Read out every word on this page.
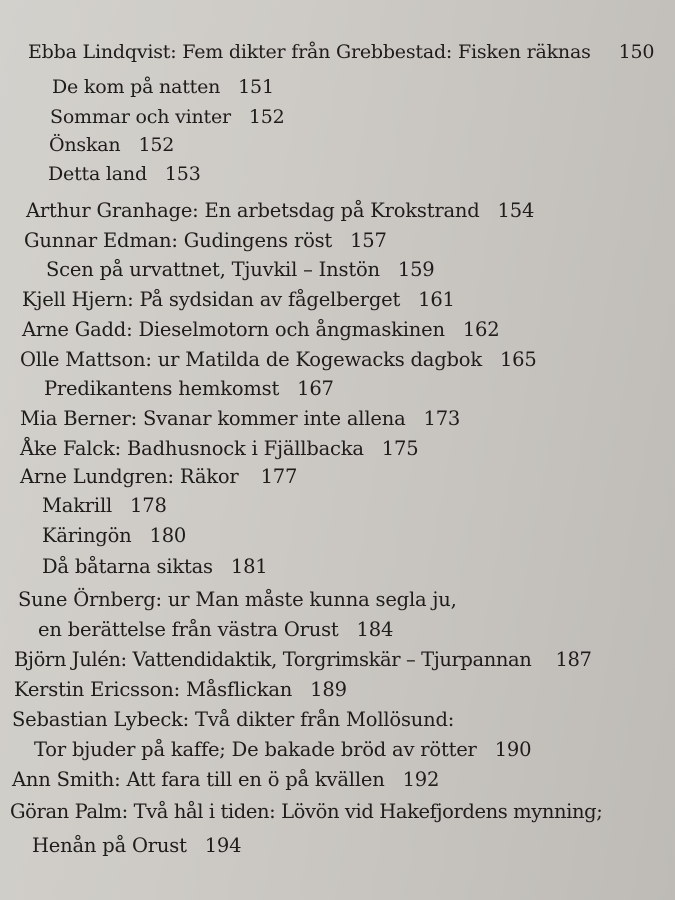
Ebba Lindqvist: Fem dikter från Grebbestad: Fisken räknas 150
De kom på natten 151
Sommar och vinter 152
Önskan 152
Detta land 153
Arthur Granhage: En arbetsdag på Krokstrand 154
Gunnar Edman: Gudingens röst 157
Scen på urvattnet, Tjuvkil – Instön 159
Kjell Hjern: På sydsidan av fågelberget 161
Arne Gadd: Dieselmotorn och ångmaskinen 162
Olle Mattson: ur Matilda de Kogewacks dagbok 165
Predikantens hemkomst 167
Mia Berner: Svanar kommer inte allena 173
Åke Falck: Badhusnock i Fjällbacka 175
Arne Lundgren: Räkor 177
Makrill 178
Käringön 180
Då båtarna siktas 181
Sune Örnberg: ur Man måste kunna segla ju,
en berättelse från västra Orust 184
Björn Julén: Vattendidaktik, Torgrimskär – Tjurpannan 187
Kerstin Ericsson: Måsflickan 189
Sebastian Lybeck: Två dikter från Mollösund:
Tor bjuder på kaffe; De bakade bröd av rötter 190
Ann Smith: Att fara till en ö på kvällen 192
Göran Palm: Två hål i tiden: Lövön vid Hakefjordens mynning;
Henån på Orust 194
